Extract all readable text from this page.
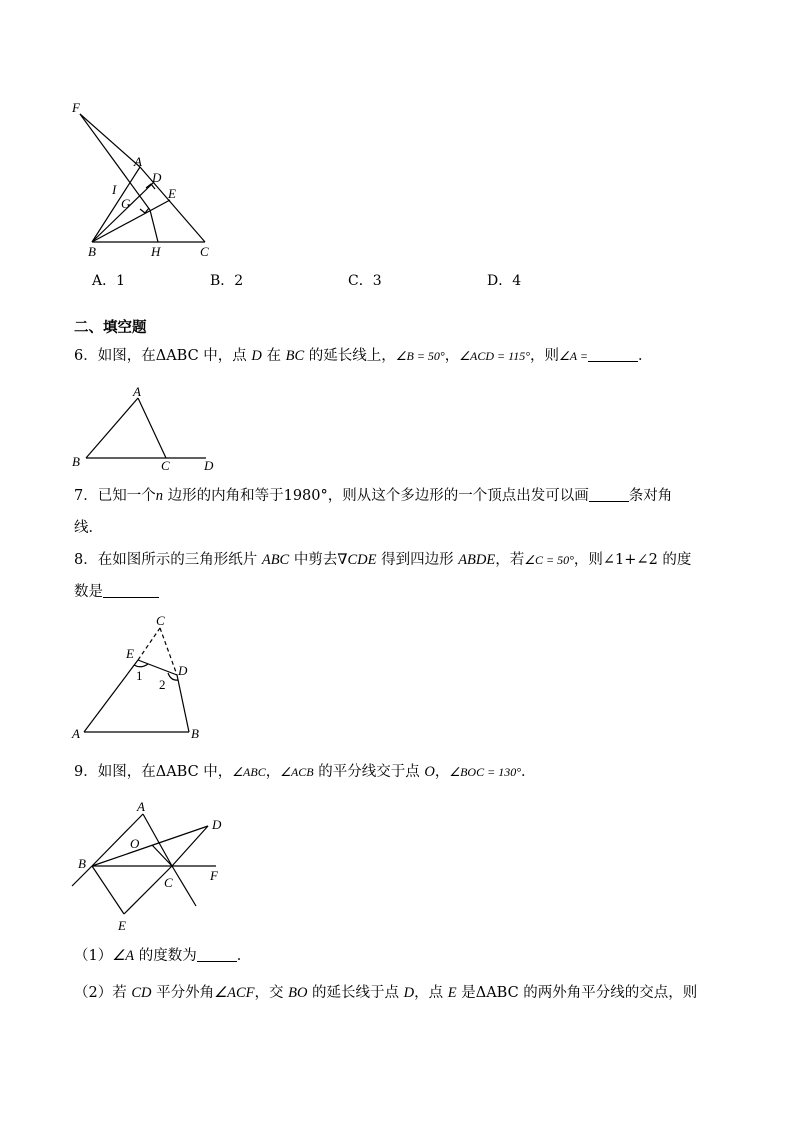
F
A
D
I	E
G
B	H	C
A．1	B．2	C．3	D．4
二、填空题
6．如图，在ΔABC 中，点 D 在 BC 的延长线上，∠B = 50°，∠ACD = 115°，则∠A =	．
A
B	C	D
7．已知一个n 边形的内角和等于1980°，则从这个多边形的一个顶点出发可以画	条对角
线．
8．在如图所示的三角形纸片 ABC 中剪去∇CDE 得到四边形 ABDE，若∠C = 50°，则∠1+∠2 的度
数是
C
E
D
1
2
A	B
9．如图，在ΔABC 中，∠ABC，∠ACB 的平分线交于点 O，∠BOC = 130°．
A
D
O
B
C	F
E
（1）∠A 的度数为	．
（2）若 CD 平分外角∠ACF，交 BO 的延长线于点 D，点 E 是ΔABC 的两外角平分线的交点，则
